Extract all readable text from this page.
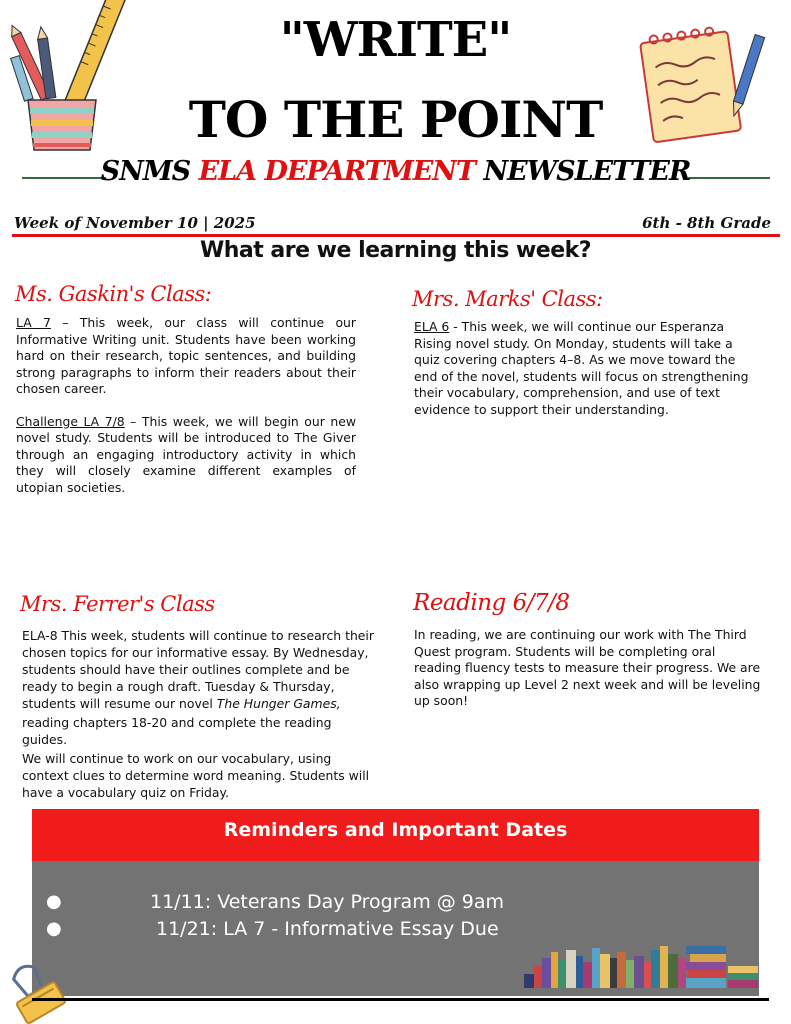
"WRITE"
TO THE POINT
SNMS ELA DEPARTMENT NEWSLETTER
Week of November 10 | 2025	6th - 8th Grade
What are we learning this week?
Ms. Gaskin's Class:

LA 7 – This week, our class will continue our Informative Writing unit. Students have been working hard on their research, topic sentences, and building strong paragraphs to inform their readers about their chosen career.

Challenge LA 7/8 – This week, we will begin our new novel study. Students will be introduced to The Giver through an engaging introductory activity in which they will closely examine different examples of utopian societies.

Mrs. Marks' Class:

ELA 6 - This week, we will continue our Esperanza Rising novel study. On Monday, students will take a quiz covering chapters 4–8. As we move toward the end of the novel, students will focus on strengthening their vocabulary, comprehension, and use of text evidence to support their understanding.

Mrs. Ferrer's Class

ELA-8 This week, students will continue to research their chosen topics for our informative essay. By Wednesday, students should have their outlines complete and be ready to begin a rough draft. Tuesday & Thursday, students will resume our novel The Hunger Games,

reading chapters 18-20 and complete the reading guides.

We will continue to work on our vocabulary, using context clues to determine word meaning. Students will have a vocabulary quiz on Friday.

Reading 6/7/8

In reading, we are continuing our work with The Third Quest program. Students will be completing oral reading fluency tests to measure their progress. We are also wrapping up Level 2 next week and will be leveling up soon!

Reminders and Important Dates
●	11/11: Veterans Day Program @ 9am
●	11/21: LA 7 - Informative Essay Due
